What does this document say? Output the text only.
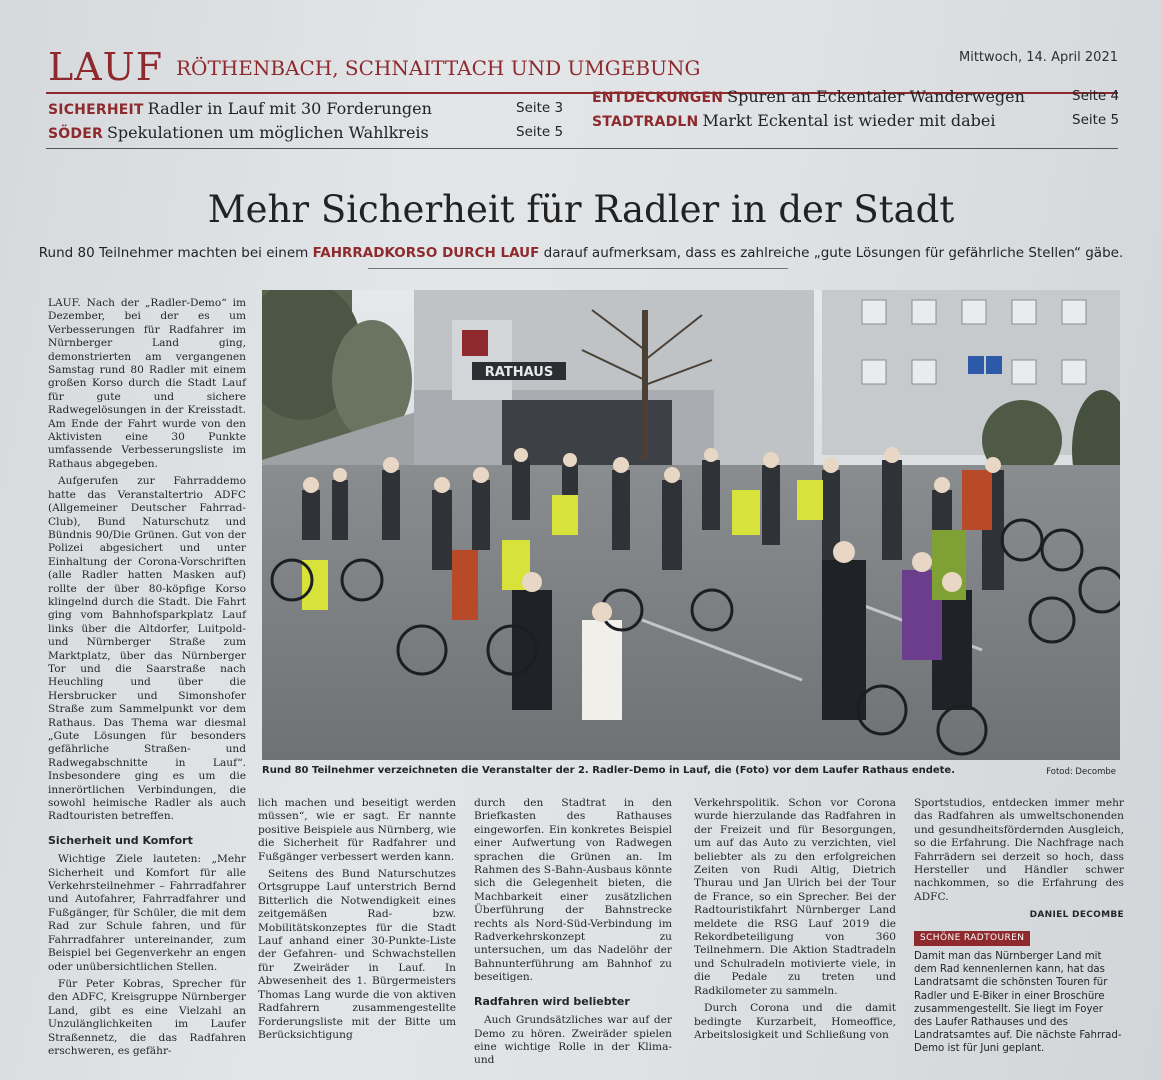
LAUF RÖTHENBACH, SCHNAITTACH UND UMGEBUNG	Mittwoch, 14. April 2021
SICHERHEIT Radler in Lauf mit 30 Forderungen	Seite 3
SÖDER Spekulationen um möglichen Wahlkreis	Seite 5
ENTDECKUNGEN Spuren an Eckentaler Wanderwegen	Seite 4
STADTRADLN Markt Eckental ist wieder mit dabei	Seite 5
Mehr Sicherheit für Radler in der Stadt
Rund 80 Teilnehmer machten bei einem FAHRRADKORSO DURCH LAUF darauf aufmerksam, dass es zahlreiche „gute Lösungen für gefährliche Stellen“ gäbe.
RATHAUS
Rund 80 Teilnehmer verzeichneten die Veranstalter der 2. Radler-Demo in Lauf, die (Foto) vor dem Laufer Rathaus endete.	Fotod: Decombe

LAUF. Nach der „Radler-Demo“ im Dezember, bei der es um Verbesserungen für Radfahrer im Nürnberger Land ging, demonstrierten am vergangenen Samstag rund 80 Radler mit einem großen Korso durch die Stadt Lauf für gute und sichere Radwegelösungen in der Kreisstadt. Am Ende der Fahrt wurde von den Aktivisten eine 30 Punkte umfassende Verbesserungsliste im Rathaus abgegeben.

Aufgerufen zur Fahrraddemo hatte das Veranstaltertrio ADFC (Allgemeiner Deutscher Fahrrad-Club), Bund Naturschutz und Bündnis 90/Die Grünen. Gut von der Polizei abgesichert und unter Einhaltung der Corona-Vorschriften (alle Radler hatten Masken auf) rollte der über 80-köpfige Korso klingelnd durch die Stadt. Die Fahrt ging vom Bahnhofsparkplatz Lauf links über die Altdorfer, Luitpold- und Nürnberger Straße zum Marktplatz, über das Nürnberger Tor und die Saarstraße nach Heuchling und über die Hersbrucker und Simonshofer Straße zum Sammelpunkt vor dem Rathaus. Das Thema war diesmal „Gute Lösungen für besonders gefährliche Straßen- und Radwegabschnitte in Lauf“. Insbesondere ging es um die innerörtlichen Verbindungen, die sowohl heimische Radler als auch Radtouristen betreffen.

Sicherheit und Komfort

Wichtige Ziele lauteten: „Mehr Sicherheit und Komfort für alle Verkehrsteilnehmer – Fahrradfahrer und Autofahrer, Fahrradfahrer und Fußgänger, für Schüler, die mit dem Rad zur Schule fahren, und für Fahrradfahrer untereinander, zum Beispiel bei Gegenverkehr an engen oder unübersichtlichen Stellen.

Für Peter Kobras, Sprecher für den ADFC, Kreisgruppe Nürnberger Land, gibt es eine Vielzahl an Unzulänglichkeiten im Laufer Straßennetz, die das Radfahren erschweren, es gefähr-

lich machen und beseitigt werden müssen“, wie er sagt. Er nannte positive Beispiele aus Nürnberg, wie die Sicherheit für Radfahrer und Fußgänger verbessert werden kann.

Seitens des Bund Naturschutzes Ortsgruppe Lauf unterstrich Bernd Bitterlich die Notwendigkeit eines zeitgemäßen Rad- bzw. Mobilitätskonzeptes für die Stadt Lauf anhand einer 30-Punkte-Liste der Gefahren- und Schwachstellen für Zweiräder in Lauf. In Abwesenheit des 1. Bürgermeisters Thomas Lang wurde die von aktiven Radfahrern zusammengestellte Forderungsliste mit der Bitte um Berücksichtigung

durch den Stadtrat in den Briefkasten des Rathauses eingeworfen. Ein konkretes Beispiel einer Aufwertung von Radwegen sprachen die Grünen an. Im Rahmen des S-Bahn-Ausbaus könnte sich die Gelegenheit bieten, die Machbarkeit einer zusätzlichen Überführung der Bahnstrecke rechts als Nord-Süd-Verbindung im Radverkehrskonzept zu untersuchen, um das Nadelöhr der Bahnunterführung am Bahnhof zu beseitigen.

Radfahren wird beliebter

Auch Grundsätzliches war auf der Demo zu hören. Zweiräder spielen eine wichtige Rolle in der Klima- und

Verkehrspolitik. Schon vor Corona wurde hierzulande das Radfahren in der Freizeit und für Besorgungen, um auf das Auto zu verzichten, viel beliebter als zu den erfolgreichen Zeiten von Rudi Altig, Dietrich Thurau und Jan Ulrich bei der Tour de France, so ein Sprecher. Bei der Radtouristikfahrt Nürnberger Land meldete die RSG Lauf 2019 die Rekordbeteiligung von 360 Teilnehmern. Die Aktion Stadtradeln und Schulradeln motivierte viele, in die Pedale zu treten und Radkilometer zu sammeln.

Durch Corona und die damit bedingte Kurzarbeit, Homeoffice, Arbeitslosigkeit und Schließung von

Sportstudios, entdecken immer mehr das Radfahren als umweltschonenden und gesundheitsfördernden Ausgleich, so die Erfahrung. Die Nachfrage nach Fahrrädern sei derzeit so hoch, dass Hersteller und Händler schwer nachkommen, so die Erfahrung des ADFC.

DANIEL DECOMBE
SCHÖNE RADTOUREN
Damit man das Nürnberger Land mit dem Rad kennenlernen kann, hat das Landratsamt die schönsten Touren für Radler und E-Biker in einer Broschüre zusammengestellt. Sie liegt im Foyer des Laufer Rathauses und des Landratsamtes auf. Die nächste Fahrrad-Demo ist für Juni geplant.
